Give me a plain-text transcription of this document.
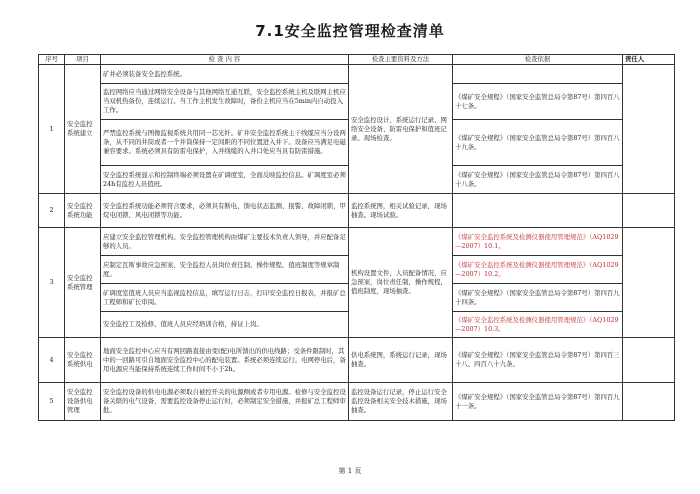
7.1安全监控管理检查清单
序号	项目	检 查 内 容	检查主要资料及方法	检查依据	责任人
1	安全监控系统建立	矿井必须装备安全监控系统。	安全监控设计、系统运行记录、网络安全设备、防雷电保护和值班记录。现场检查。		
		监控网络应当通过网络安全设备与其他网络互通互联，安全监控系统主机及联网主机应当双机热备份，连续运行。当工作主机发生故障时，备份主机应当在5min内自动投入工作。		《煤矿安全规程》（国家安全监管总局令第87号）第四百八十七条。	
		严禁监控系统与图像监视系统共用同一芯光纤。矿井安全监控系统主干线缆应当分设两条，从不同的井筒或者一个井筒保持一定间距的不同位置进入井下。设备应当满足电磁兼容要求。系统必须具有防雷电保护，入井线缆的入井口处应当具有防雷措施。		《煤矿安全规程》（国家安全监管总局令第87号）第四百八十九条。	
		安全监控系统显示和控制终端必须设置在矿调度室，全面反映监控信息。矿调度室必须24h有监控人员值班。		《煤矿安全规程》（国家安全监管总局令第87号）第四百八十八条。	
2	安全监控系统功能	安全监控系统功能必须符合要求，必须具有断电、馈电状态监测、报警、故障闭锁、甲烷电闭锁、风电闭锁等功能。	监控系统图，相关试验记录，现场抽查。现场试验。		
3	安全监控系统管理	应建立安全监控管理机构。安全监控管理机构由煤矿主要技术负责人领导，并应配备足够的人员。	机构设置文件，人员配备情况，应急预案，岗位责任制，操作规程，值班制度，现场抽查。	《煤矿安全监控系统及检测仪器使用管理规范》（AQ1029—2007）10.1。	
		应制定瓦斯事故应急预案、安全监控人员岗位责任制、操作规程、值班制度等规章制度。		《煤矿安全监控系统及检测仪器使用管理规范》（AQ1029—2007）10.2。	
		矿调度室值班人员应当监视监控信息，填写运行日志，打印安全监控日报表，并报矿总工程师和矿长审阅。		《煤矿安全规程》（国家安全监管总局令第87号）第四百九十四条。	
		安全监控工及检修、值班人员应经培训合格，持证上岗。		《煤矿安全监控系统及检测仪器使用管理规范》（AQ1029—2007）10.3。	
4	安全监控系统供电	地面安全监控中心应当有两回路直接由变(配)电所馈出的供电线路；受条件限制时，其中的一回路可引自地面安全监控中心的配电装置。系统必须连续运行。电网停电后，备用电源应当能保持系统连续工作时间不小于2h。	供电系统图，系统运行记录，现场抽查。	《煤矿安全规程》（国家安全监管总局令第87号）第四百三十八、四百八十九条。	
5	安全监控设备供电管理	安全监控设备的供电电源必须取自被控开关的电源侧或者专用电源。检修与安全监控设备关联的电气设备，需要监控设备停止运行时，必须制定安全措施，并报矿总工程师审批。	监控设备运行记录，停止运行安全监控设备相关安全技术措施，现场抽查。	《煤矿安全规程》（国家安全监管总局令第87号）第四百九十一条。	
第 1 页
